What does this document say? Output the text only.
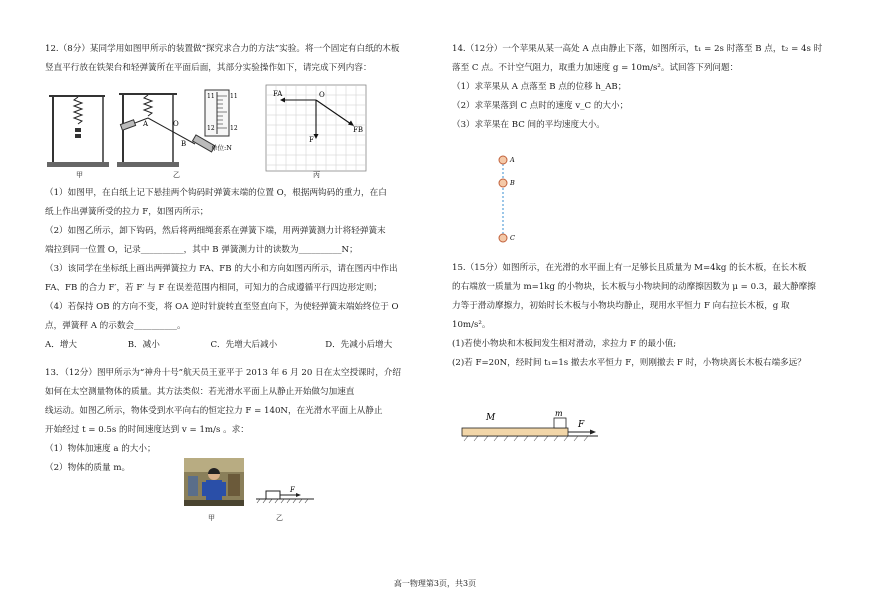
12.（8分）某同学用如图甲所示的装置做“探究求合力的方法”实验。将一个固定有白纸的木板

竖直平行放在铁架台和轻弹簧所在平面后面，其部分实验操作如下，请完成下列内容：

A	O
B
11
12
11
12
单位:N
FA	O
FB
F
甲	乙	丙

（1）如图甲，在白纸上记下悬挂两个钩码时弹簧末端的位置 O，根据两钩码的重力，在白

纸上作出弹簧所受的拉力 F，如图丙所示；

（2）如图乙所示，卸下钩码，然后将两细绳套系在弹簧下端，用两弹簧测力计将轻弹簧末

端拉到同一位置 O，记录__________，其中 B 弹簧测力计的读数为__________N；

（3）该同学在坐标纸上画出两弹簧拉力 FA、FB 的大小和方向如图丙所示，请在图丙中作出

FA、FB 的合力 F′，若 F′ 与 F 在误差范围内相同，可知力的合成遵循平行四边形定则；

（4）若保持 OB 的方向不变，将 OA 逆时针旋转直至竖直向下，为使轻弹簧末端始终位于 O

点，弹簧秤 A 的示数会__________。

A．增大	B．减小	C．先增大后减小	D．先减小后增大

13．（12分）图甲所示为“神舟十号”航天员王亚平于 2013 年 6 月 20 日在太空授课时，介绍

如何在太空测量物体的质量。其方法类似：若光滑水平面上从静止开始做匀加速直

线运动。如图乙所示，物体受到水平向右的恒定拉力 F = 140N，在光滑水平面上从静止

开始经过 t = 0.5s 的时间速度达到 v = 1m/s 。求：

（1）物体加速度 a 的大小；

（2）物体的质量 m。

F
甲	乙

14.（12分）一个苹果从某一高处 A 点由静止下落，如图所示，t₁ = 2s 时落至 B 点，t₂ = 4s 时

落至 C 点。不计空气阻力，取重力加速度 g = 10m/s²。试回答下列问题：

（1）求苹果从 A 点落至 B 点的位移 h_AB；

（2）求苹果落到 C 点时的速度 v_C 的大小；

（3）求苹果在 BC 间的平均速度大小。

A
B
C

15.（15分）如图所示，在光滑的水平面上有一足够长且质量为 M=4kg 的长木板，在长木板

的右端放一质量为 m=1kg 的小物块，长木板与小物块间的动摩擦因数为 μ = 0.3，最大静摩擦

力等于滑动摩擦力，初始时长木板与小物块均静止，现用水平恒力 F 向右拉长木板，g 取

10m/s²。

(1)若使小物块和木板间发生相对滑动，求拉力 F 的最小值;

(2)若 F=20N，经时间 t₁=1s 撤去水平恒力 F，则刚撤去 F 时，小物块离长木板右端多远？

M	m
F
高一物理第3页，共3页
